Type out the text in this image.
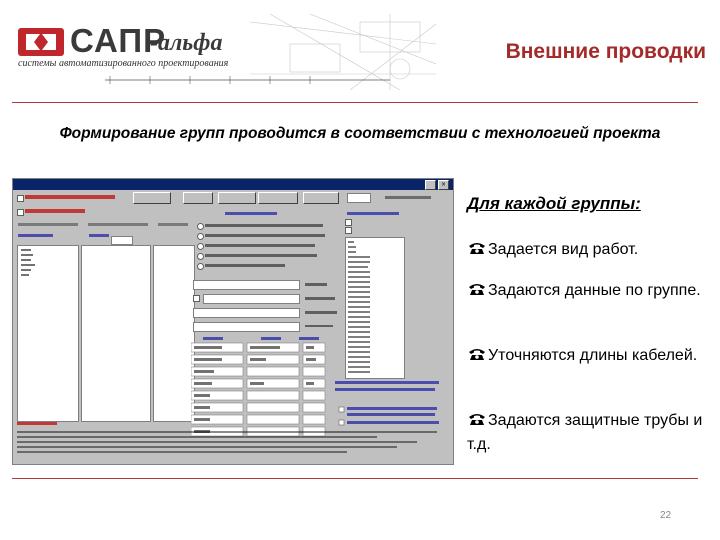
САПР
-альфа
системы автоматизированного проектирования
Внешние проводки
Формирование групп проводится в соответствии с технологией проекта
×
Для каждой группы:
Задается вид работ.
Задаются данные по группе.
Уточняются длины кабелей.
Задаются защитные трубы и т.д.
22
